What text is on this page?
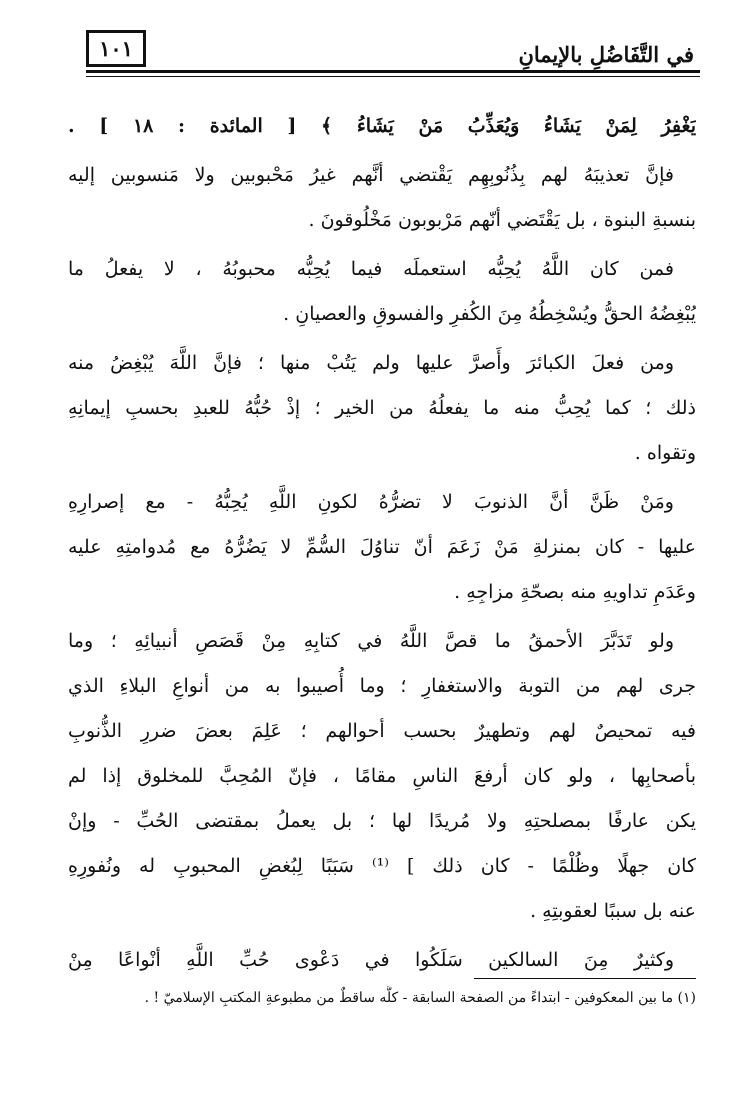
في التَّفَاضُلِ بالإيمانِ
١٠١
يَغْفِرُ لِمَنْ يَشَاءُ وَيُعَذِّبُ مَنْ يَشَاءُ ﴾ [ المائدة : ١٨ ] .
فإنَّ تعذيبَهُ لهم بِذُنُوبِهِم يَقْتضي أنَّهم غيرُ مَحْبوبين ولا مَنسوبين إليه
بنسبةِ البنوة ، بل يَقْتَضي أنّهم مَرْبوبون مَخْلُوقونَ .
فمن كان اللَّهُ يُحِبُّه استعملَه فيما يُحِبُّه محبوبُهُ ، لا يفعلُ ما
يُبْغِضُهُ الحقُّ ويُسْخِطُهُ مِنَ الكُفرِ والفسوقِ والعصيانِ .
ومن فعلَ الكبائرَ وأَصرَّ عليها ولم يَتُبْ منها ؛ فإنَّ اللَّهَ يُبْغِضُ منه
ذلك ؛ كما يُحِبُّ منه ما يفعلُهُ من الخير ؛ إذْ حُبُّهُ للعبدِ بحسبِ إيمانِهِ
وتقواه .
ومَنْ ظَنَّ أنَّ الذنوبَ لا تضرُّهُ لكونِ اللَّهِ يُحِبُّهُ - مع إصرارِهِ
عليها - كان بمنزلةِ مَنْ زَعَمَ أنّ تناوُلَ السُّمِّ لا يَضُرُّهُ مع مُدوامتِهِ عليه
وعَدَمِ تداويهِ منه بصحّةِ مزاجِهِ .
ولو تَدَبَّرَ الأحمقُ ما قصَّ اللَّهُ في كتابِهِ مِنْ قَصَصِ أنبيائِهِ ؛ وما
جرى لهم من التوبة والاستغفارِ ؛ وما أُصيبوا به من أنواعِ البلاءِ الذي
فيه تمحيصٌ لهم وتطهيرٌ بحسب أحوالهم ؛ عَلِمَ بعضَ ضررِ الذُّنوبِ
بأصحابِها ، ولو كان أرفعَ الناسِ مقامًا ، فإنّ المُحِبَّ للمخلوق إذا لم
يكن عارفًا بمصلحتِهِ ولا مُريدًا لها ؛ بل يعملُ بمقتضى الحُبِّ - وإنْ
كان جهلًا وظُلْمًا - كان ذلك ] ⁽¹⁾ سَبَبًا لِبُغضِ المحبوبِ له ونُفورِهِ
عنه بل سببًا لعقوبتِهِ .
وكثيرٌ مِنَ السالكين سَلَكُوا في دَعْوى حُبِّ اللَّهِ أنْواعًا مِنْ
(١) ما بين المعكوفين - ابتداءً من الصفحة السابقة - كلُّه ساقطٌ من مطبوعةِ المكتبِ الإسلاميّ ! .
